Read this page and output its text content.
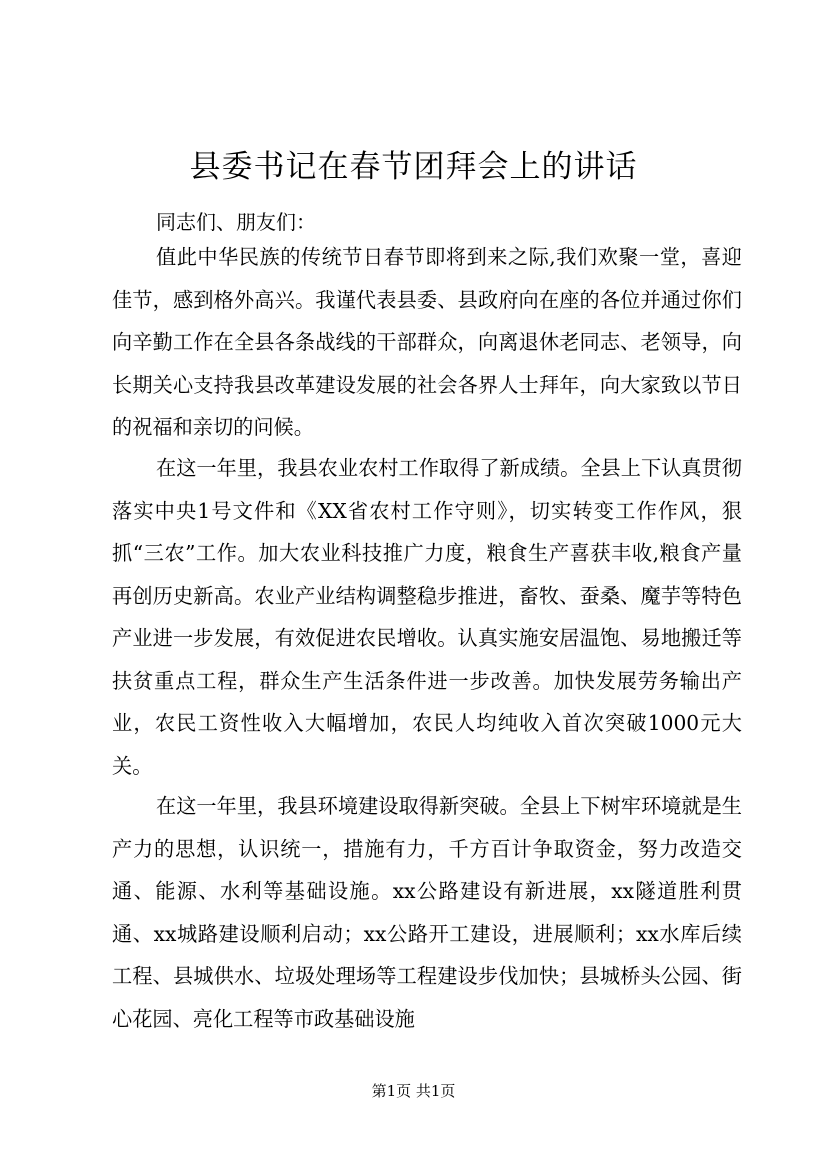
县委书记在春节团拜会上的讲话

同志们、朋友们：

值此中华民族的传统节日春节即将到来之际,我们欢聚一堂，喜迎佳节，感到格外高兴。我谨代表县委、县政府向在座的各位并通过你们向辛勤工作在全县各条战线的干部群众，向离退休老同志、老领导，向长期关心支持我县改革建设发展的社会各界人士拜年，向大家致以节日的祝福和亲切的问候。

在这一年里，我县农业农村工作取得了新成绩。全县上下认真贯彻落实中央1号文件和《XX省农村工作守则》，切实转变工作作风，狠抓“三农”工作。加大农业科技推广力度，粮食生产喜获丰收,粮食产量再创历史新高。农业产业结构调整稳步推进，畜牧、蚕桑、魔芋等特色产业进一步发展，有效促进农民增收。认真实施安居温饱、易地搬迁等扶贫重点工程，群众生产生活条件进一步改善。加快发展劳务输出产业，农民工资性收入大幅增加，农民人均纯收入首次突破1000元大关。

在这一年里，我县环境建设取得新突破。全县上下树牢环境就是生产力的思想，认识统一，措施有力，千方百计争取资金，努力改造交通、能源、水利等基础设施。xx公路建设有新进展，xx隧道胜利贯通、xx城路建设顺利启动；xx公路开工建设，进展顺利；xx水库后续工程、县城供水、垃圾处理场等工程建设步伐加快；县城桥头公园、街心花园、亮化工程等市政基础设施

第1页 共1页
